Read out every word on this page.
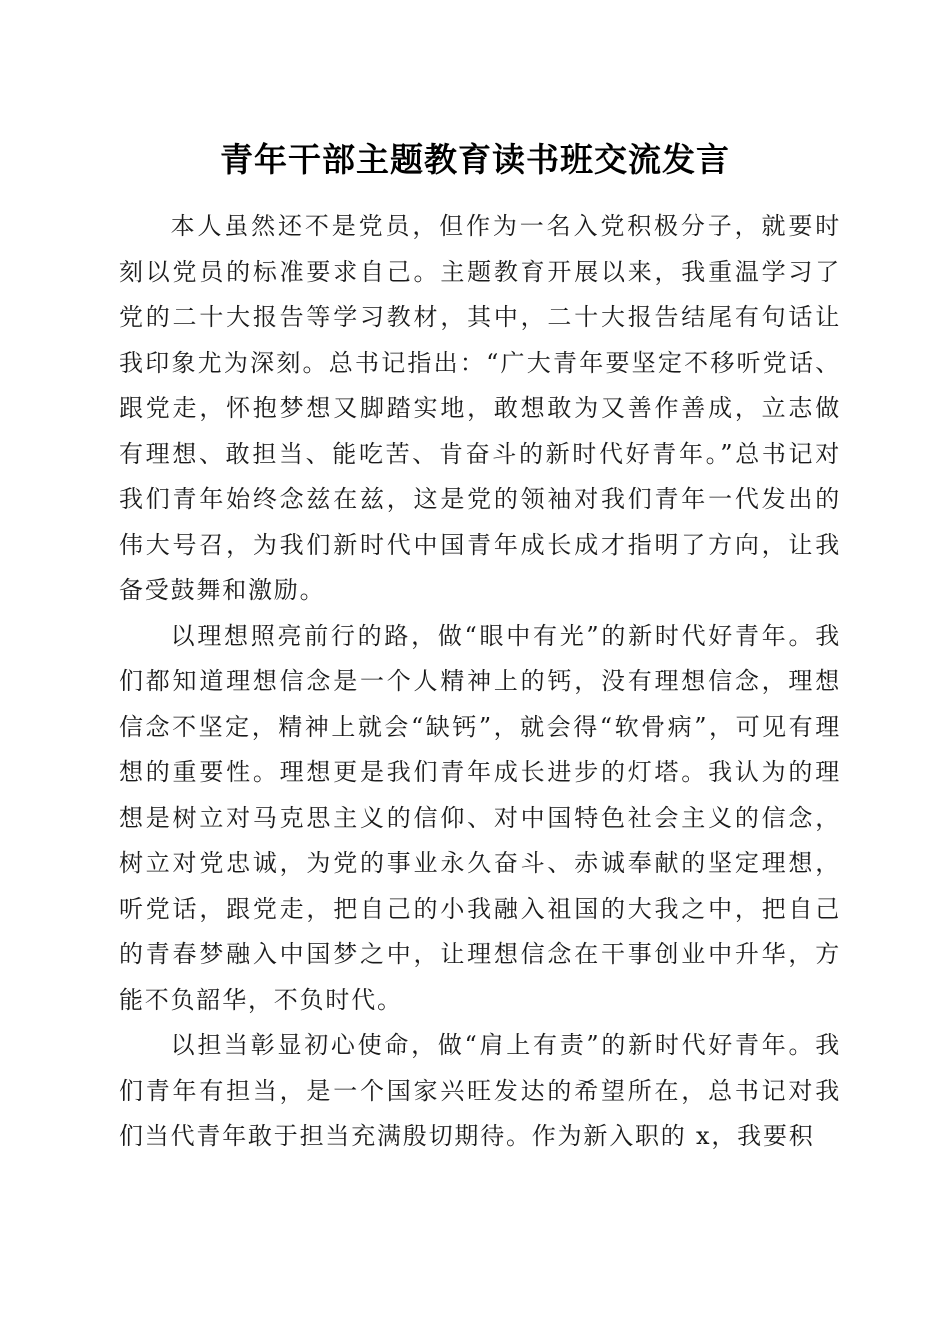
青年干部主题教育读书班交流发言

本人虽然还不是党员，但作为一名入党积极分子，就要时刻以党员的标准要求自己。主题教育开展以来，我重温学习了党的二十大报告等学习教材，其中，二十大报告结尾有句话让我印象尤为深刻。总书记指出：“广大青年要坚定不移听党话、跟党走，怀抱梦想又脚踏实地，敢想敢为又善作善成，立志做有理想、敢担当、能吃苦、肯奋斗的新时代好青年。”总书记对我们青年始终念兹在兹，这是党的领袖对我们青年一代发出的伟大号召，为我们新时代中国青年成长成才指明了方向，让我备受鼓舞和激励。

以理想照亮前行的路，做“眼中有光”的新时代好青年。我们都知道理想信念是一个人精神上的钙，没有理想信念，理想信念不坚定，精神上就会“缺钙”，就会得“软骨病”，可见有理想的重要性。理想更是我们青年成长进步的灯塔。我认为的理想是树立对马克思主义的信仰、对中国特色社会主义的信念，树立对党忠诚，为党的事业永久奋斗、赤诚奉献的坚定理想，听党话，跟党走，把自己的小我融入祖国的大我之中，把自己的青春梦融入中国梦之中，让理想信念在干事创业中升华，方能不负韶华，不负时代。

以担当彰显初心使命，做“肩上有责”的新时代好青年。我们青年有担当，是一个国家兴旺发达的希望所在，总书记对我们当代青年敢于担当充满殷切期待。作为新入职的 x，我要积
